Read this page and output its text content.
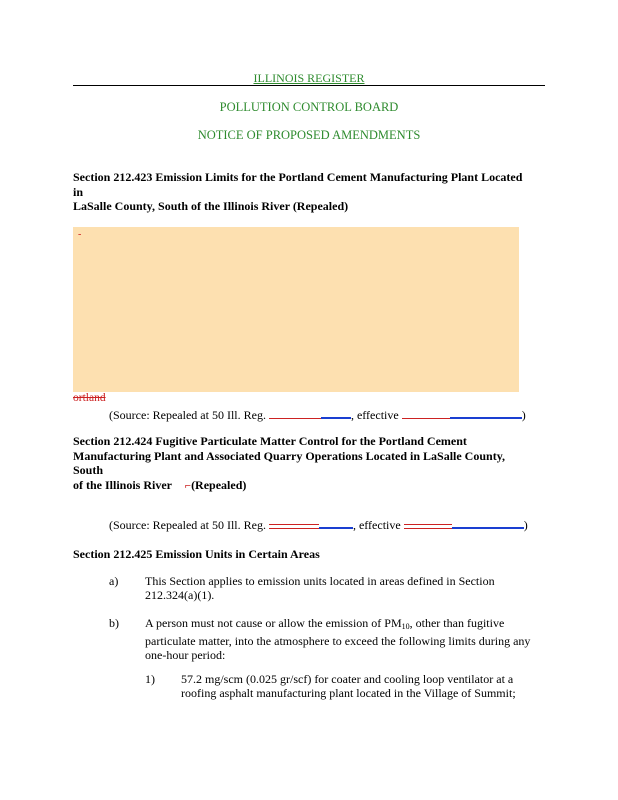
ILLINOIS REGISTER
POLLUTION CONTROL BOARD
NOTICE OF PROPOSED AMENDMENTS
Section 212.423 Emission Limits for the Portland Cement Manufacturing Plant Located in
LaSalle County, South of the Illinois River (Repealed)
-
ortland
(Source: Repealed at 50 Ill. Reg.	, effective	)
Section 212.424 Fugitive Particulate Matter Control for the Portland Cement
Manufacturing Plant and Associated Quarry Operations Located in LaSalle County, South
of the Illinois River ⌐(Repealed)
(Source: Repealed at 50 Ill. Reg.	, effective	)
Section 212.425 Emission Units in Certain Areas
a) This Section applies to emission units located in areas defined in Section 212.324(a)(1).
b) A person must not cause or allow the emission of $PM_{10}$, other than fugitive particulate matter, into the atmosphere to exceed the following limits during any one-hour period:
1) 57.2 mg/scm (0.025 gr/scf) for coater and cooling loop ventilator at a roofing asphalt manufacturing plant located in the Village of Summit;
